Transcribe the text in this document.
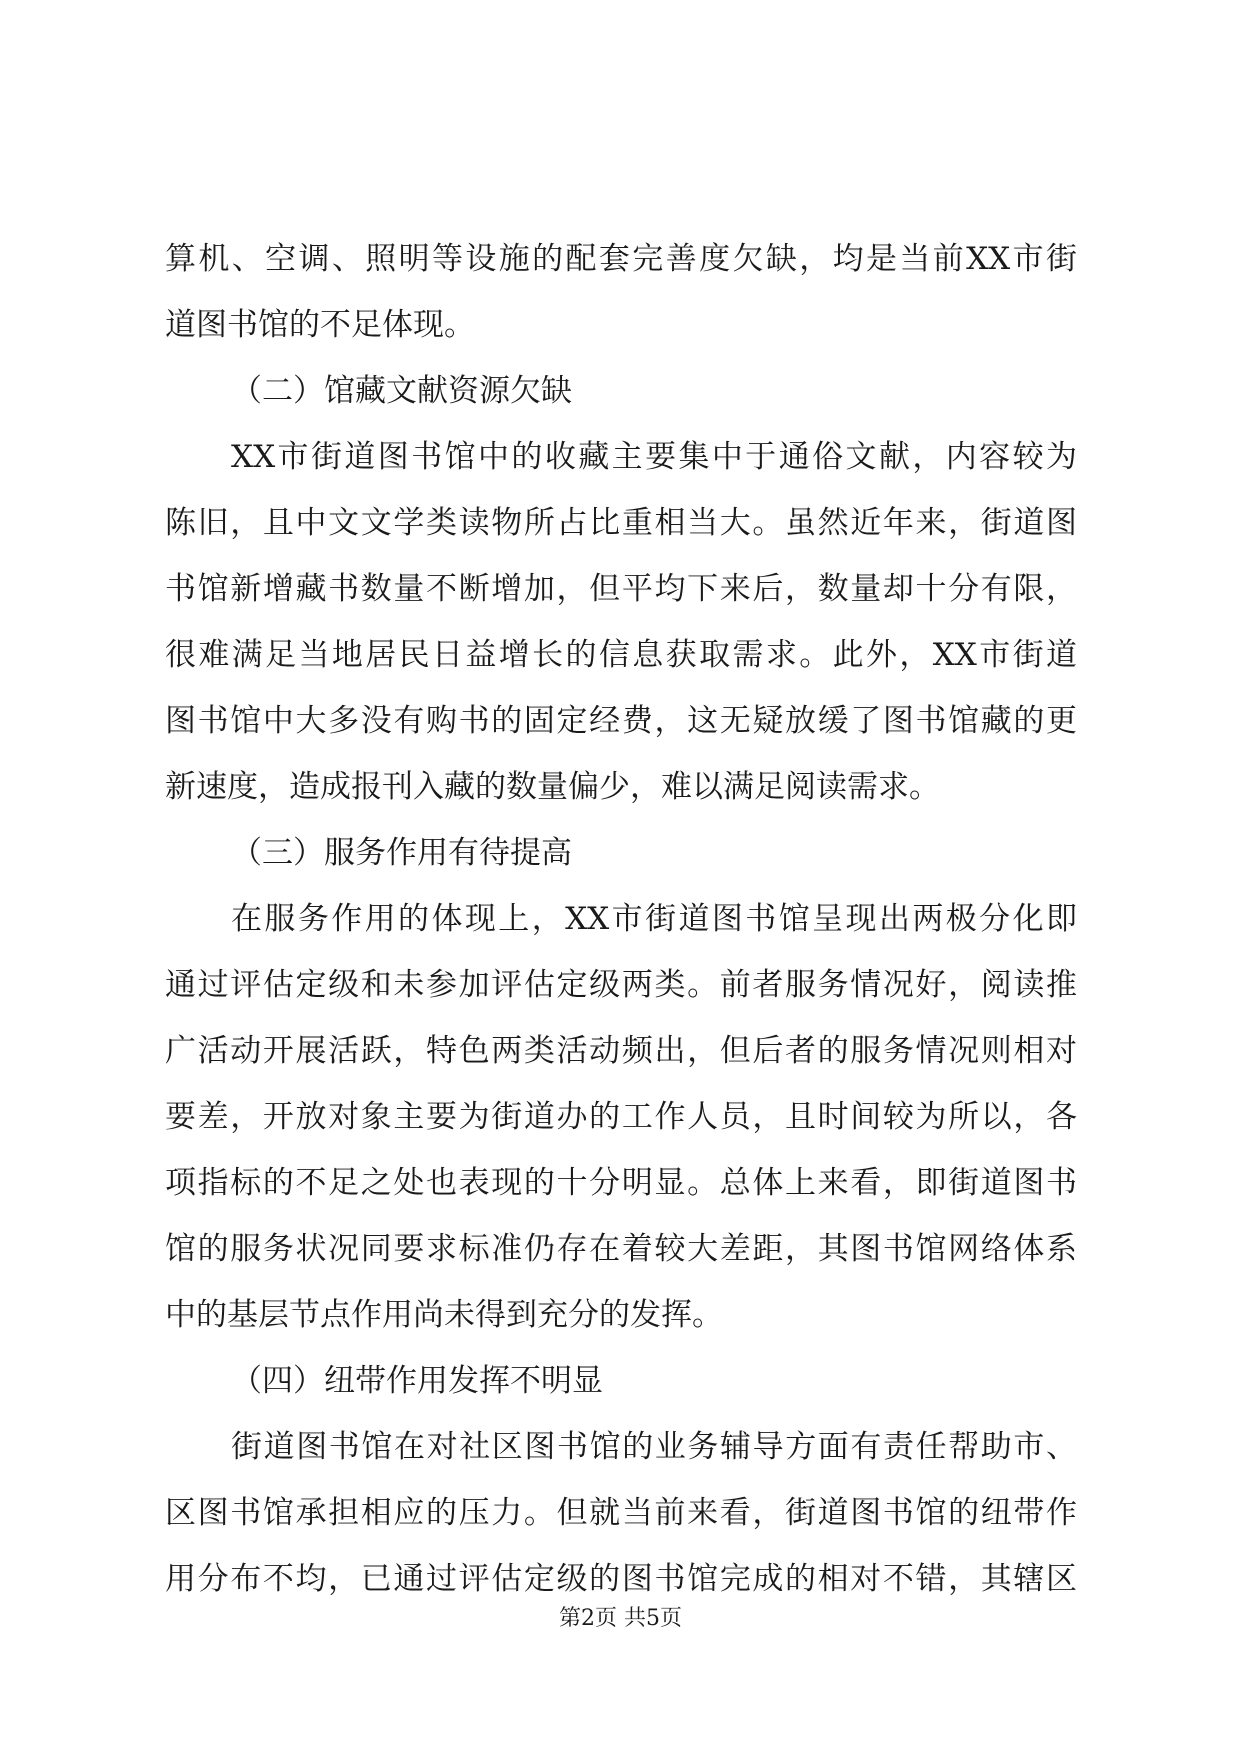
算机、空调、照明等设施的配套完善度欠缺，均是当前XX市街
道图书馆的不足体现。
（二）馆藏文献资源欠缺
XX市街道图书馆中的收藏主要集中于通俗文献，内容较为
陈旧，且中文文学类读物所占比重相当大。虽然近年来，街道图
书馆新增藏书数量不断增加，但平均下来后，数量却十分有限，
很难满足当地居民日益增长的信息获取需求。此外，XX市街道
图书馆中大多没有购书的固定经费，这无疑放缓了图书馆藏的更
新速度，造成报刊入藏的数量偏少，难以满足阅读需求。
（三）服务作用有待提高
在服务作用的体现上，XX市街道图书馆呈现出两极分化即
通过评估定级和未参加评估定级两类。前者服务情况好，阅读推
广活动开展活跃，特色两类活动频出，但后者的服务情况则相对
要差，开放对象主要为街道办的工作人员，且时间较为所以，各
项指标的不足之处也表现的十分明显。总体上来看，即街道图书
馆的服务状况同要求标准仍存在着较大差距，其图书馆网络体系
中的基层节点作用尚未得到充分的发挥。
（四）纽带作用发挥不明显
街道图书馆在对社区图书馆的业务辅导方面有责任帮助市、
区图书馆承担相应的压力。但就当前来看，街道图书馆的纽带作
用分布不均，已通过评估定级的图书馆完成的相对不错，其辖区
第2页 共5页
